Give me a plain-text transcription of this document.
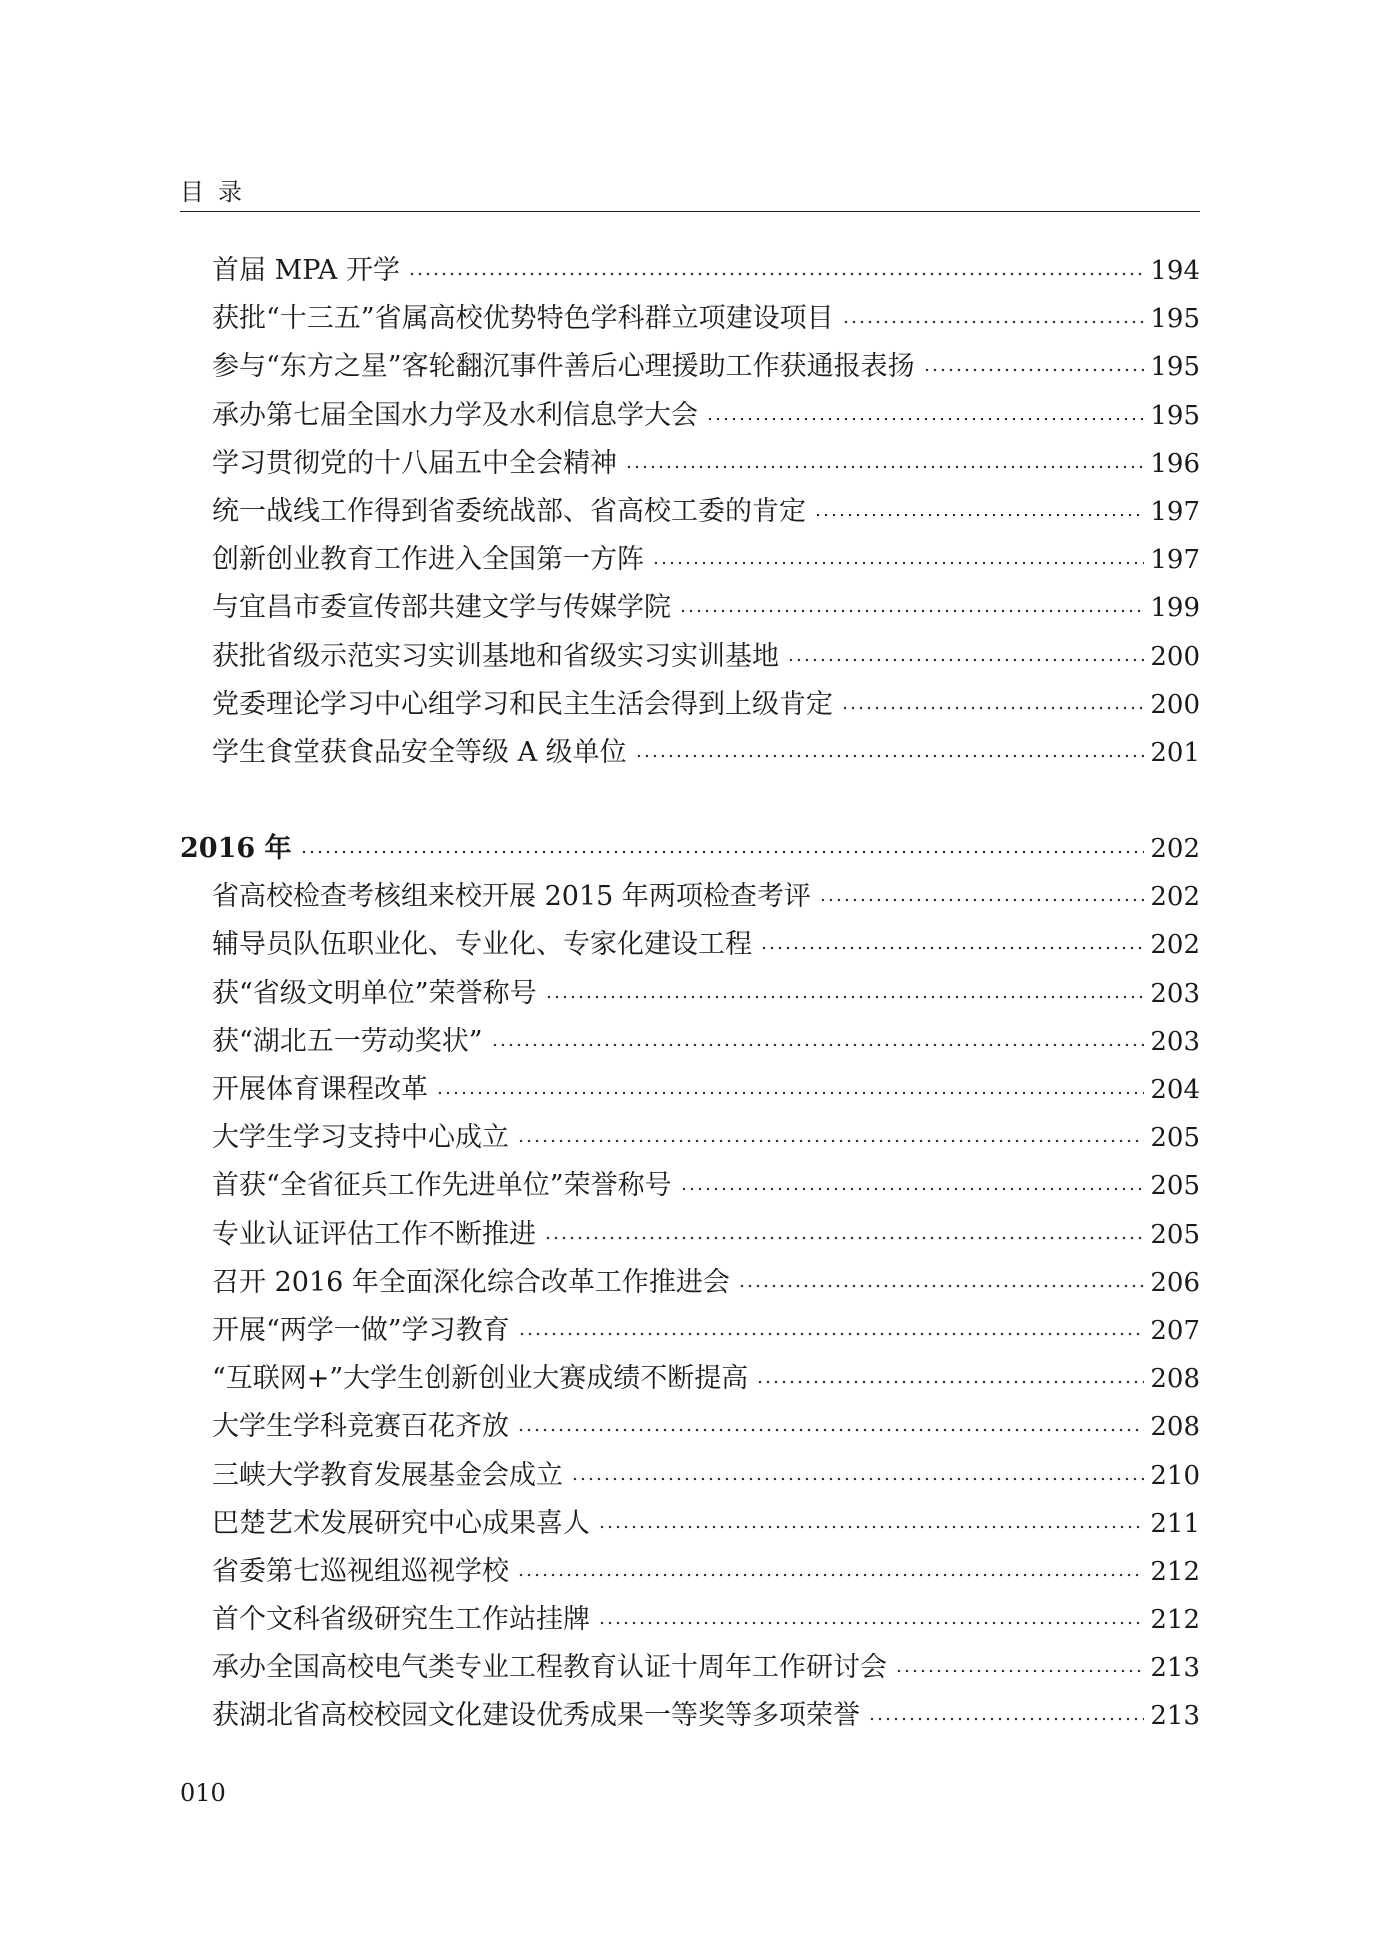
目录
首届 MPA 开学	194
获批“十三五”省属高校优势特色学科群立项建设项目	195
参与“东方之星”客轮翻沉事件善后心理援助工作获通报表扬	195
承办第七届全国水力学及水利信息学大会	195
学习贯彻党的十八届五中全会精神	196
统一战线工作得到省委统战部、省高校工委的肯定	197
创新创业教育工作进入全国第一方阵	197
与宜昌市委宣传部共建文学与传媒学院	199
获批省级示范实习实训基地和省级实习实训基地	200
党委理论学习中心组学习和民主生活会得到上级肯定	200
学生食堂获食品安全等级 A 级单位	201
2016 年	202
省高校检查考核组来校开展 2015 年两项检查考评	202
辅导员队伍职业化、专业化、专家化建设工程	202
获“省级文明单位”荣誉称号	203
获“湖北五一劳动奖状”	203
开展体育课程改革	204
大学生学习支持中心成立	205
首获“全省征兵工作先进单位”荣誉称号	205
专业认证评估工作不断推进	205
召开 2016 年全面深化综合改革工作推进会	206
开展“两学一做”学习教育	207
“互联网+”大学生创新创业大赛成绩不断提高	208
大学生学科竞赛百花齐放	208
三峡大学教育发展基金会成立	210
巴楚艺术发展研究中心成果喜人	211
省委第七巡视组巡视学校	212
首个文科省级研究生工作站挂牌	212
承办全国高校电气类专业工程教育认证十周年工作研讨会	213
获湖北省高校校园文化建设优秀成果一等奖等多项荣誉	213
010
